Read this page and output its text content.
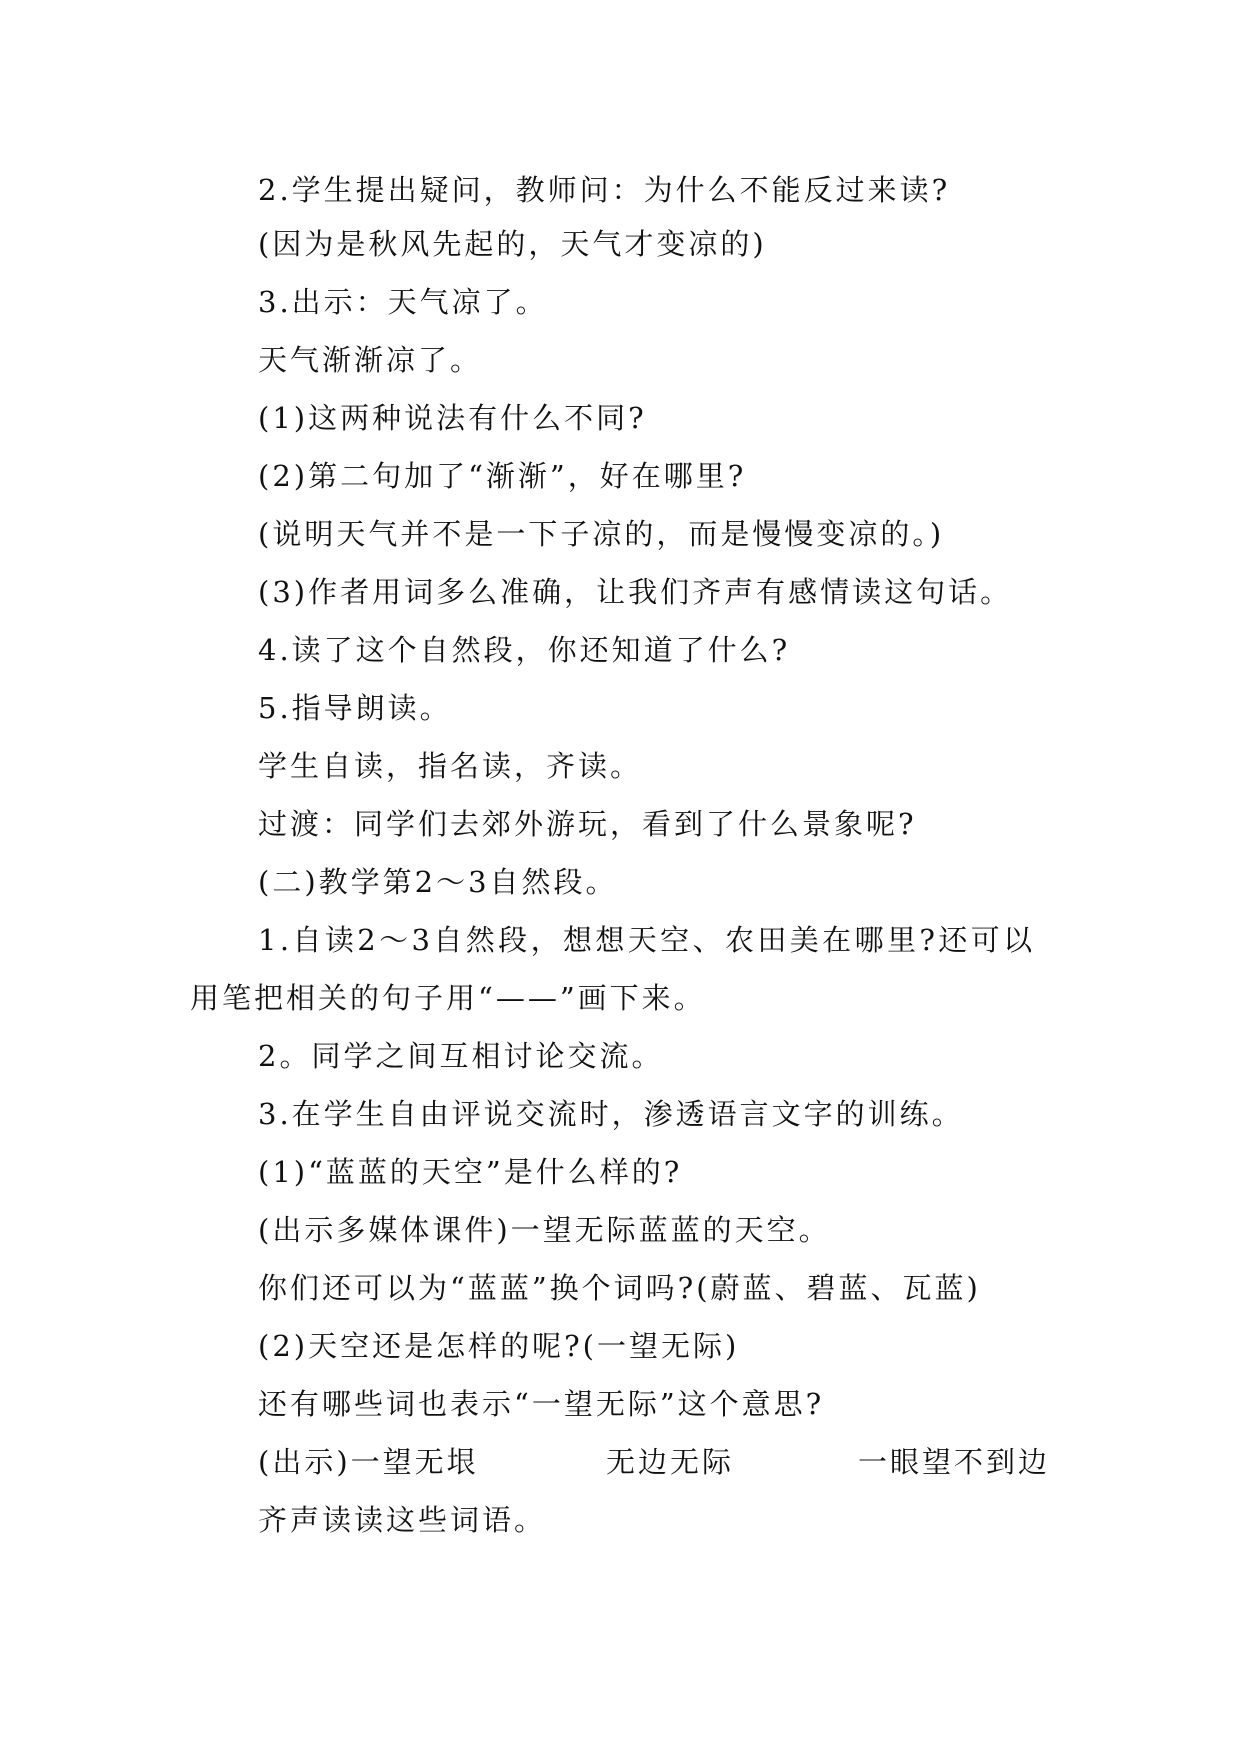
2.学生提出疑问，教师问：为什么不能反过来读?
(因为是秋风先起的，天气才变凉的)
3.出示：天气凉了。
天气渐渐凉了。
(1)这两种说法有什么不同?
(2)第二句加了“渐渐”，好在哪里?
(说明天气并不是一下子凉的，而是慢慢变凉的。)
(3)作者用词多么准确，让我们齐声有感情读这句话。
4.读了这个自然段，你还知道了什么?
5.指导朗读。
学生自读，指名读，齐读。
过渡：同学们去郊外游玩，看到了什么景象呢?
(二)教学第2～3自然段。
1.自读2～3自然段，想想天空、农田美在哪里?还可以
用笔把相关的句子用“——”画下来。
2。同学之间互相讨论交流。
3.在学生自由评说交流时，渗透语言文字的训练。
(1)“蓝蓝的天空”是什么样的?
(出示多媒体课件)一望无际蓝蓝的天空。
你们还可以为“蓝蓝”换个词吗?(蔚蓝、碧蓝、瓦蓝)
(2)天空还是怎样的呢?(一望无际)
还有哪些词也表示“一望无际”这个意思?
(出示)一望无垠	无边无际	一眼望不到边
齐声读读这些词语。
